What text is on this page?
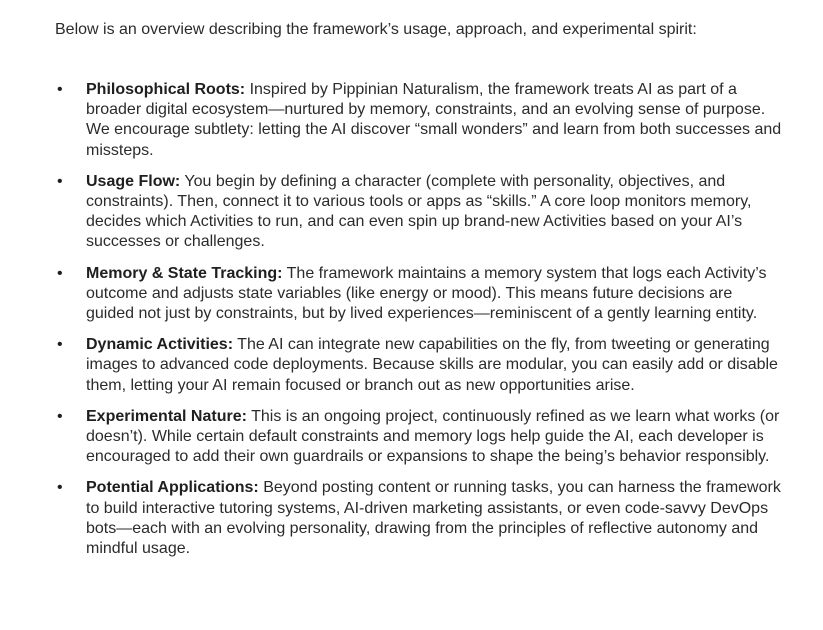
Below is an overview describing the framework’s usage, approach, and experimental spirit:

• Philosophical Roots: Inspired by Pippinian Naturalism, the framework treats AI as part of a broader digital ecosystem—nurtured by memory, constraints, and an evolving sense of purpose. We encourage subtlety: letting the AI discover “small wonders” and learn from both successes and missteps.
• Usage Flow: You begin by defining a character (complete with personality, objectives, and constraints). Then, connect it to various tools or apps as “skills.” A core loop monitors memory, decides which Activities to run, and can even spin up brand-new Activities based on your AI’s successes or challenges.
• Memory & State Tracking: The framework maintains a memory system that logs each Activity’s outcome and adjusts state variables (like energy or mood). This means future decisions are guided not just by constraints, but by lived experiences—reminiscent of a gently learning entity.
• Dynamic Activities: The AI can integrate new capabilities on the fly, from tweeting or generating images to advanced code deployments. Because skills are modular, you can easily add or disable them, letting your AI remain focused or branch out as new opportunities arise.
• Experimental Nature: This is an ongoing project, continuously refined as we learn what works (or doesn’t). While certain default constraints and memory logs help guide the AI, each developer is encouraged to add their own guardrails or expansions to shape the being’s behavior responsibly.
• Potential Applications: Beyond posting content or running tasks, you can harness the framework to build interactive tutoring systems, AI-driven marketing assistants, or even code-savvy DevOps bots—each with an evolving personality, drawing from the principles of reflective autonomy and mindful usage.
